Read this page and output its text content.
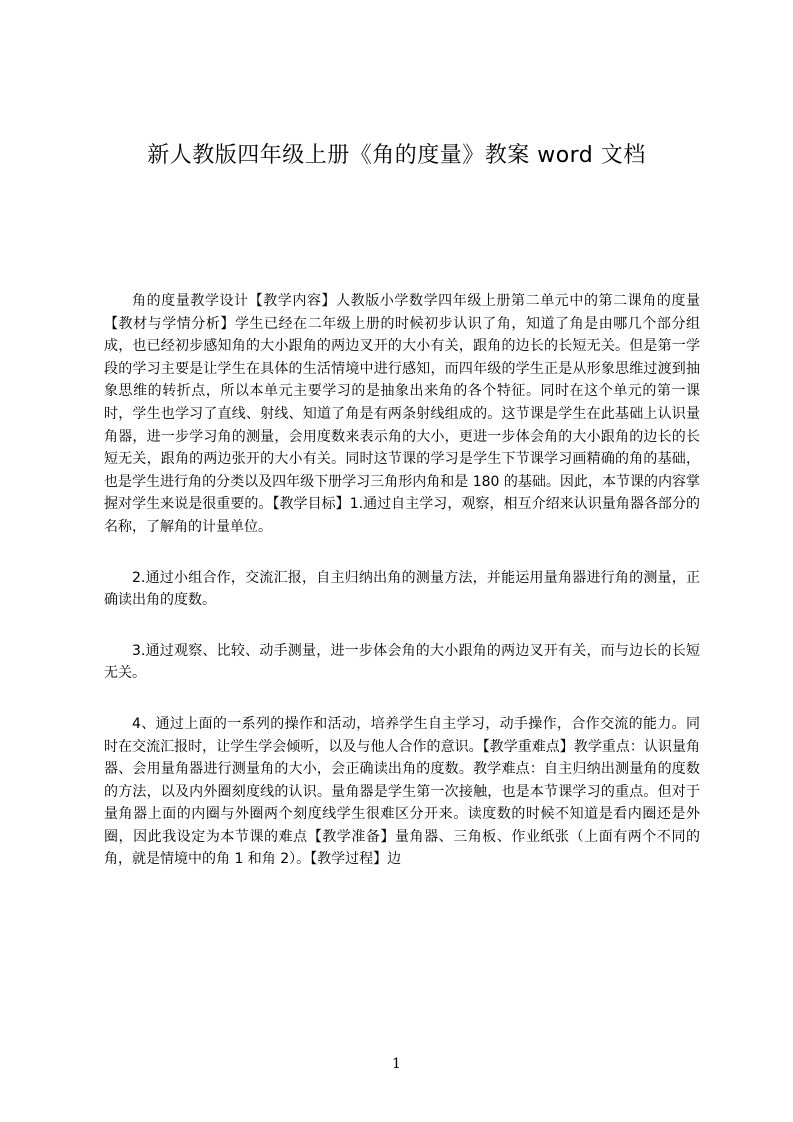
新人教版四年级上册《角的度量》教案 word 文档

角的度量教学设计【教学内容】人教版小学数学四年级上册第二单元中的第二课角的度量【教材与学情分析】学生已经在二年级上册的时候初步认识了角，知道了角是由哪几个部分组成，也已经初步感知角的大小跟角的两边叉开的大小有关，跟角的边长的长短无关。但是第一学段的学习主要是让学生在具体的生活情境中进行感知，而四年级的学生正是从形象思维过渡到抽象思维的转折点，所以本单元主要学习的是抽象出来角的各个特征。同时在这个单元的第一课时，学生也学习了直线、射线、知道了角是有两条射线组成的。这节课是学生在此基础上认识量角器，进一步学习角的测量，会用度数来表示角的大小，更进一步体会角的大小跟角的边长的长短无关，跟角的两边张开的大小有关。同时这节课的学习是学生下节课学习画精确的角的基础，也是学生进行角的分类以及四年级下册学习三角形内角和是 180 的基础。因此，本节课的内容掌握对学生来说是很重要的。【教学目标】1.通过自主学习，观察，相互介绍来认识量角器各部分的名称，了解角的计量单位。

2.通过小组合作，交流汇报，自主归纳出角的测量方法，并能运用量角器进行角的测量，正确读出角的度数。

3.通过观察、比较、动手测量，进一步体会角的大小跟角的两边叉开有关，而与边长的长短无关。

4、通过上面的一系列的操作和活动，培养学生自主学习，动手操作，合作交流的能力。同时在交流汇报时，让学生学会倾听，以及与他人合作的意识。【教学重难点】教学重点：认识量角器、会用量角器进行测量角的大小，会正确读出角的度数。教学难点：自主归纳出测量角的度数的方法，以及内外圈刻度线的认识。量角器是学生第一次接触，也是本节课学习的重点。但对于量角器上面的内圈与外圈两个刻度线学生很难区分开来。读度数的时候不知道是看内圈还是外圈，因此我设定为本节课的难点【教学准备】量角器、三角板、作业纸张（上面有两个不同的角，就是情境中的角 1 和角 2）。【教学过程】边

1
